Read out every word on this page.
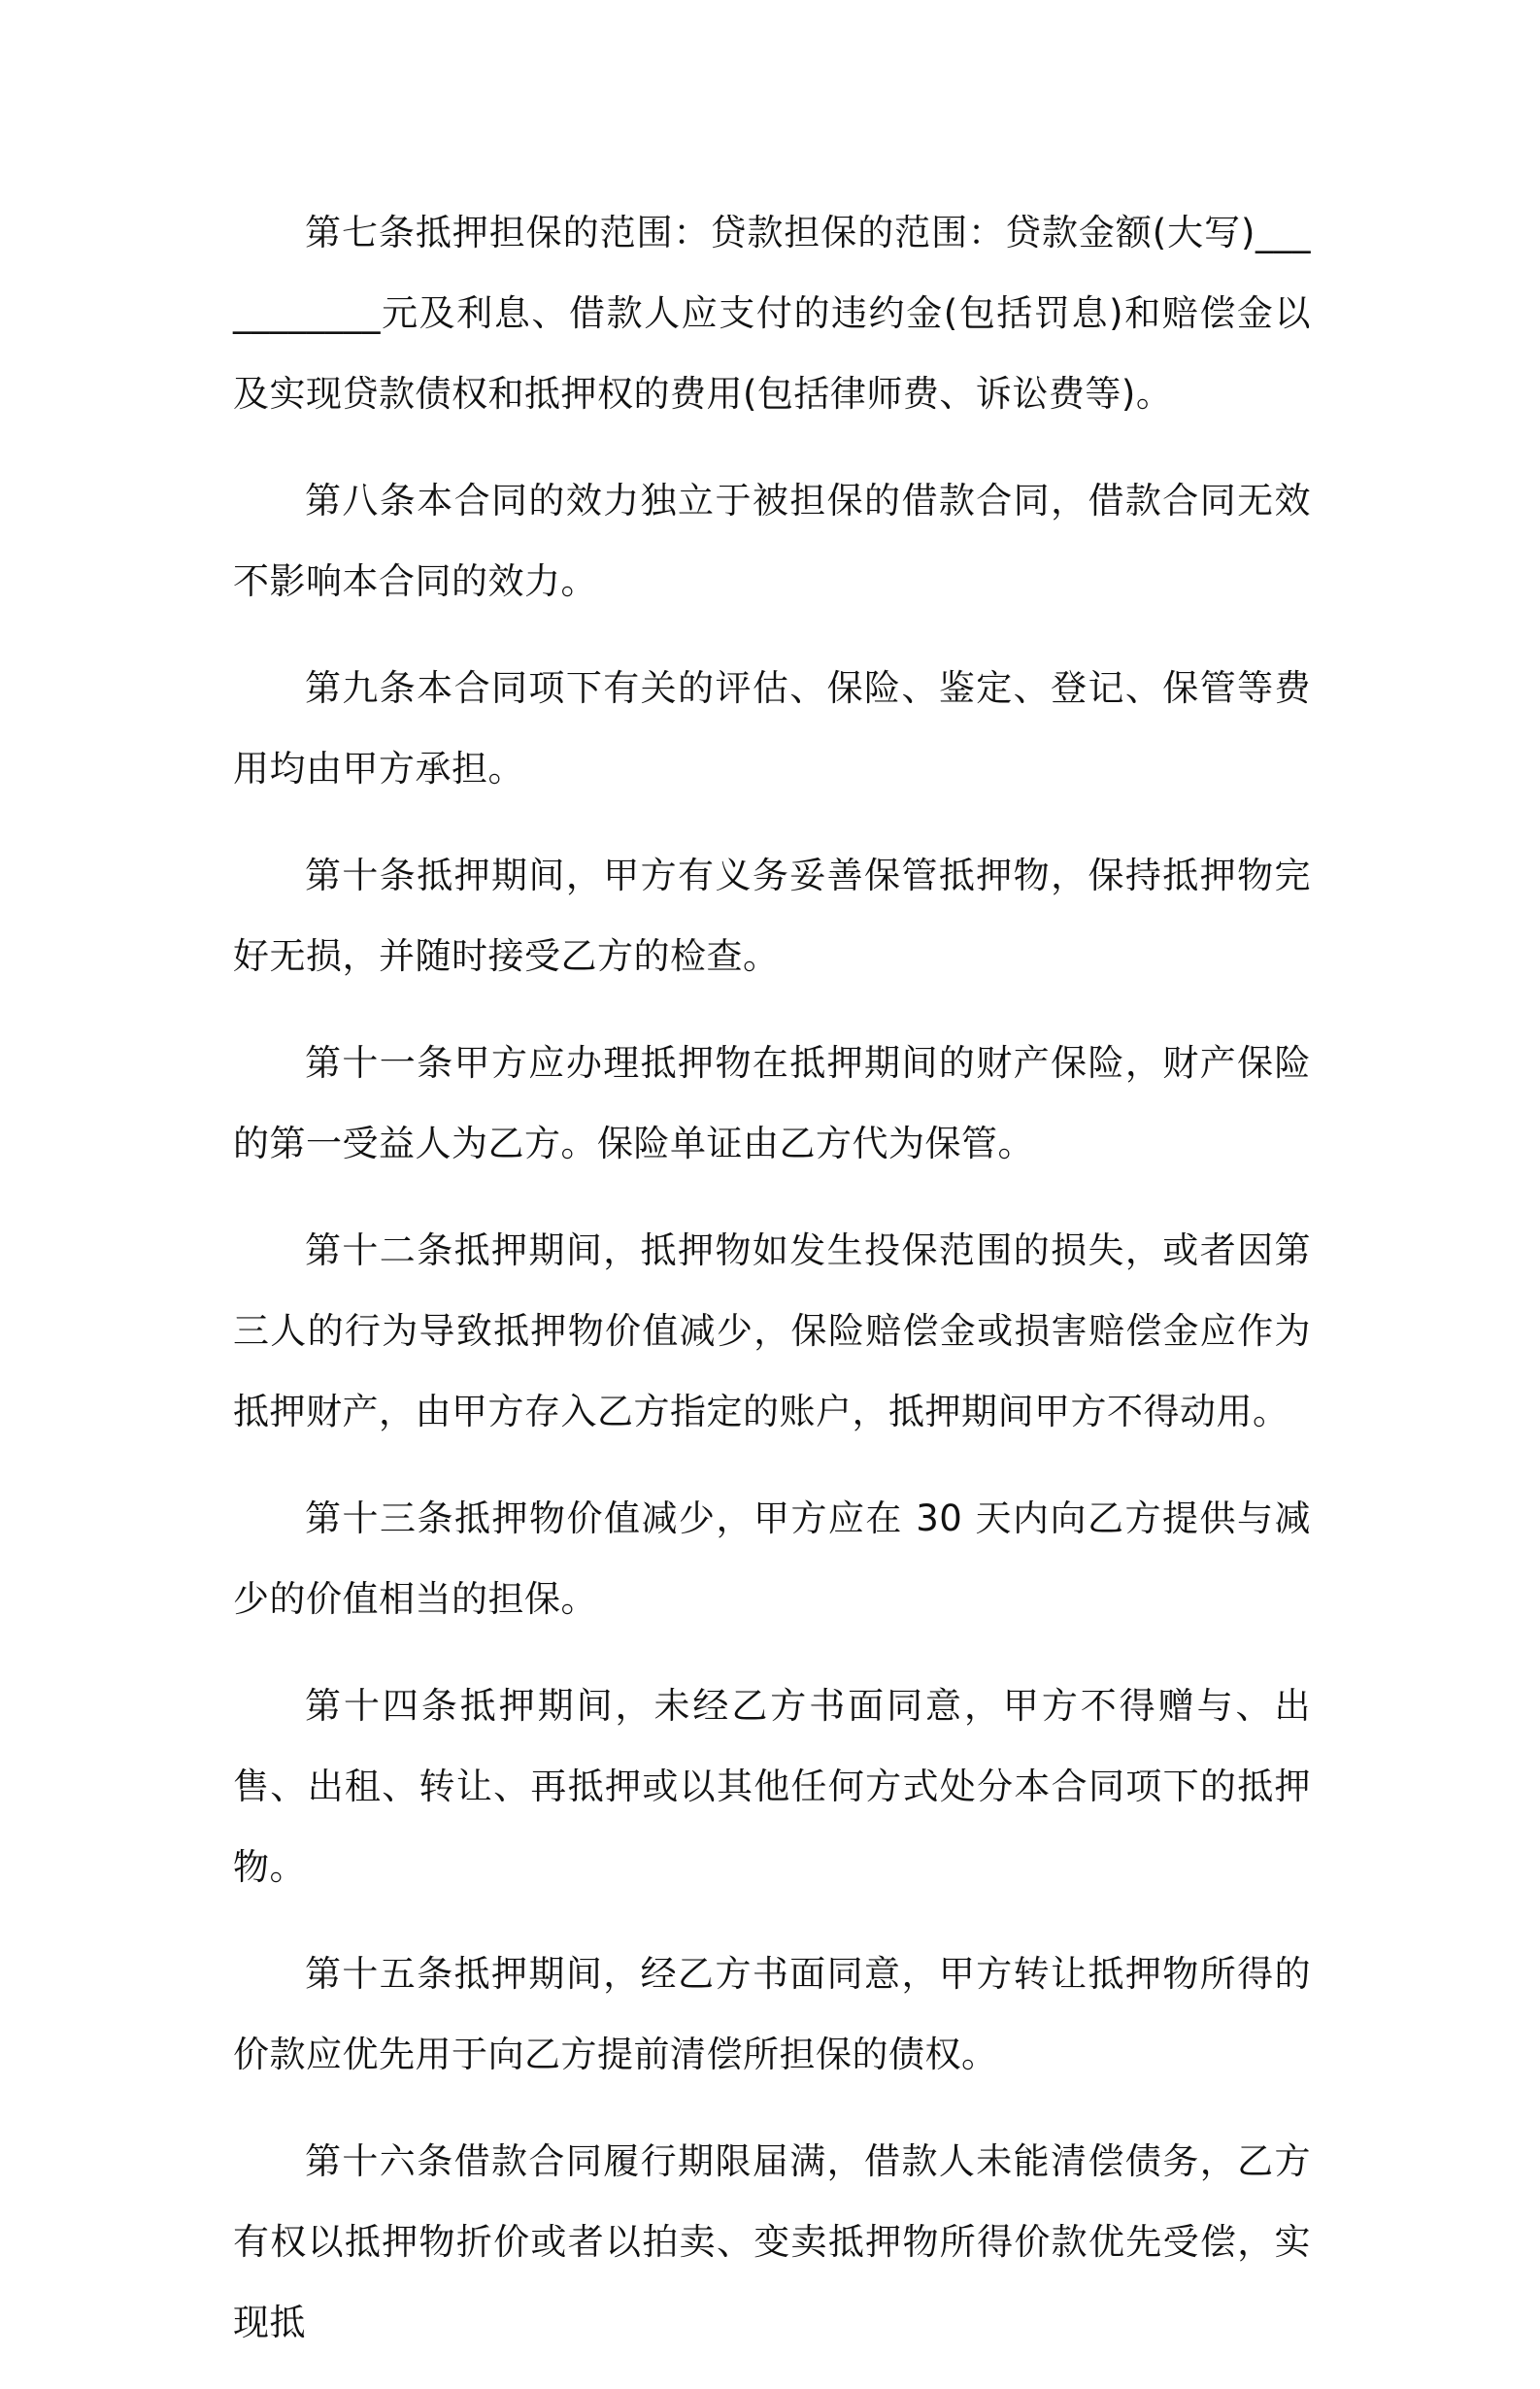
第七条抵押担保的范围：贷款担保的范围：贷款金额(大写)___________元及利息、借款人应支付的违约金(包括罚息)和赔偿金以及实现贷款债权和抵押权的费用(包括律师费、诉讼费等)。

第八条本合同的效力独立于被担保的借款合同，借款合同无效不影响本合同的效力。

第九条本合同项下有关的评估、保险、鉴定、登记、保管等费用均由甲方承担。

第十条抵押期间，甲方有义务妥善保管抵押物，保持抵押物完好无损，并随时接受乙方的检查。

第十一条甲方应办理抵押物在抵押期间的财产保险，财产保险的第一受益人为乙方。保险单证由乙方代为保管。

第十二条抵押期间，抵押物如发生投保范围的损失，或者因第三人的行为导致抵押物价值减少，保险赔偿金或损害赔偿金应作为抵押财产，由甲方存入乙方指定的账户，抵押期间甲方不得动用。

第十三条抵押物价值减少，甲方应在 30 天内向乙方提供与减少的价值相当的担保。

第十四条抵押期间，未经乙方书面同意，甲方不得赠与、出售、出租、转让、再抵押或以其他任何方式处分本合同项下的抵押物。

第十五条抵押期间，经乙方书面同意，甲方转让抵押物所得的价款应优先用于向乙方提前清偿所担保的债权。

第十六条借款合同履行期限届满，借款人未能清偿债务，乙方有权以抵押物折价或者以拍卖、变卖抵押物所得价款优先受偿，实现抵
